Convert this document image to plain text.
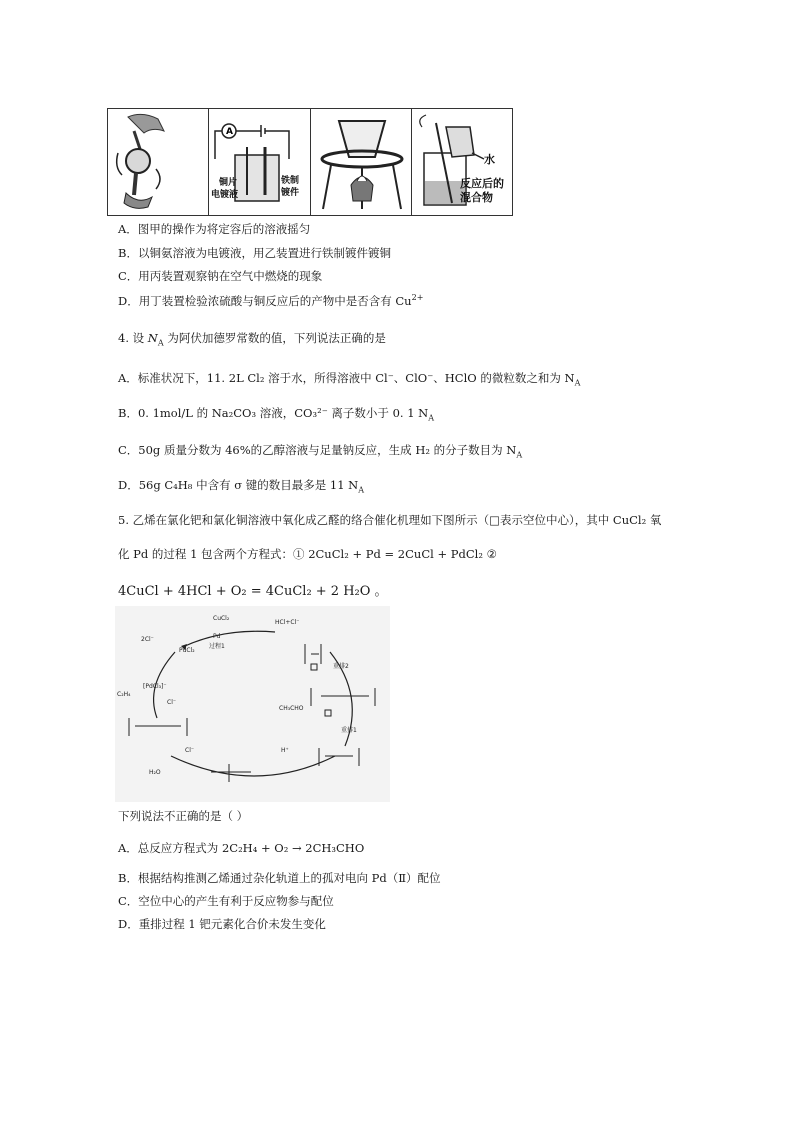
A
铜片
电镀液
铁制
镀件
水
反应后的
混合物
A．图甲的操作为将定容后的溶液摇匀
B．以铜氨溶液为电镀液，用乙装置进行铁制镀件镀铜
C．用丙装置观察钠在空气中燃烧的现象
D．用丁装置检验浓硫酸与铜反应后的产物中是否含有 $Cu^{2+}$
4. 设 $N_A$ 为阿伏加德罗常数的值，下列说法正确的是
A．标准状况下，11. 2L Cl₂ 溶于水，所得溶液中 Cl⁻、ClO⁻、HClO 的微粒数之和为 $N_A$
B．0. 1mol/L 的 Na₂CO₃ 溶液，CO₃²⁻ 离子数小于 0. 1 $N_A$
C．50g 质量分数为 46%的乙醇溶液与足量钠反应，生成 H₂ 的分子数目为 $N_A$
D．56g C₄H₈ 中含有 σ 键的数目最多是 11 $N_A$
5. 乙烯在氯化钯和氯化铜溶液中氧化成乙醛的络合催化机理如下图所示（□表示空位中心），其中 CuCl₂ 氧
化 Pd 的过程 1 包含两个方程式：① 2CuCl₂ + Pd = 2CuCl + PdCl₂ ②
4CuCl + 4HCl + O₂ = 4CuCl₂ + 2 H₂O 。
CuCl₂
Pd
HCl+Cl⁻
2Cl⁻
PdCl₂
过程1
[PdCl₃]⁻
C₂H₄
Cl⁻
Cl⁻
H₂O
H⁺
CH₃CHO
重排2
重排1
下列说法不正确的是（ ）
A．总反应方程式为 2C₂H₄ + O₂ → 2CH₃CHO
B．根据结构推测乙烯通过杂化轨道上的孤对电向 Pd（Ⅱ）配位
C．空位中心的产生有利于反应物参与配位
D．重排过程 1 钯元素化合价未发生变化
